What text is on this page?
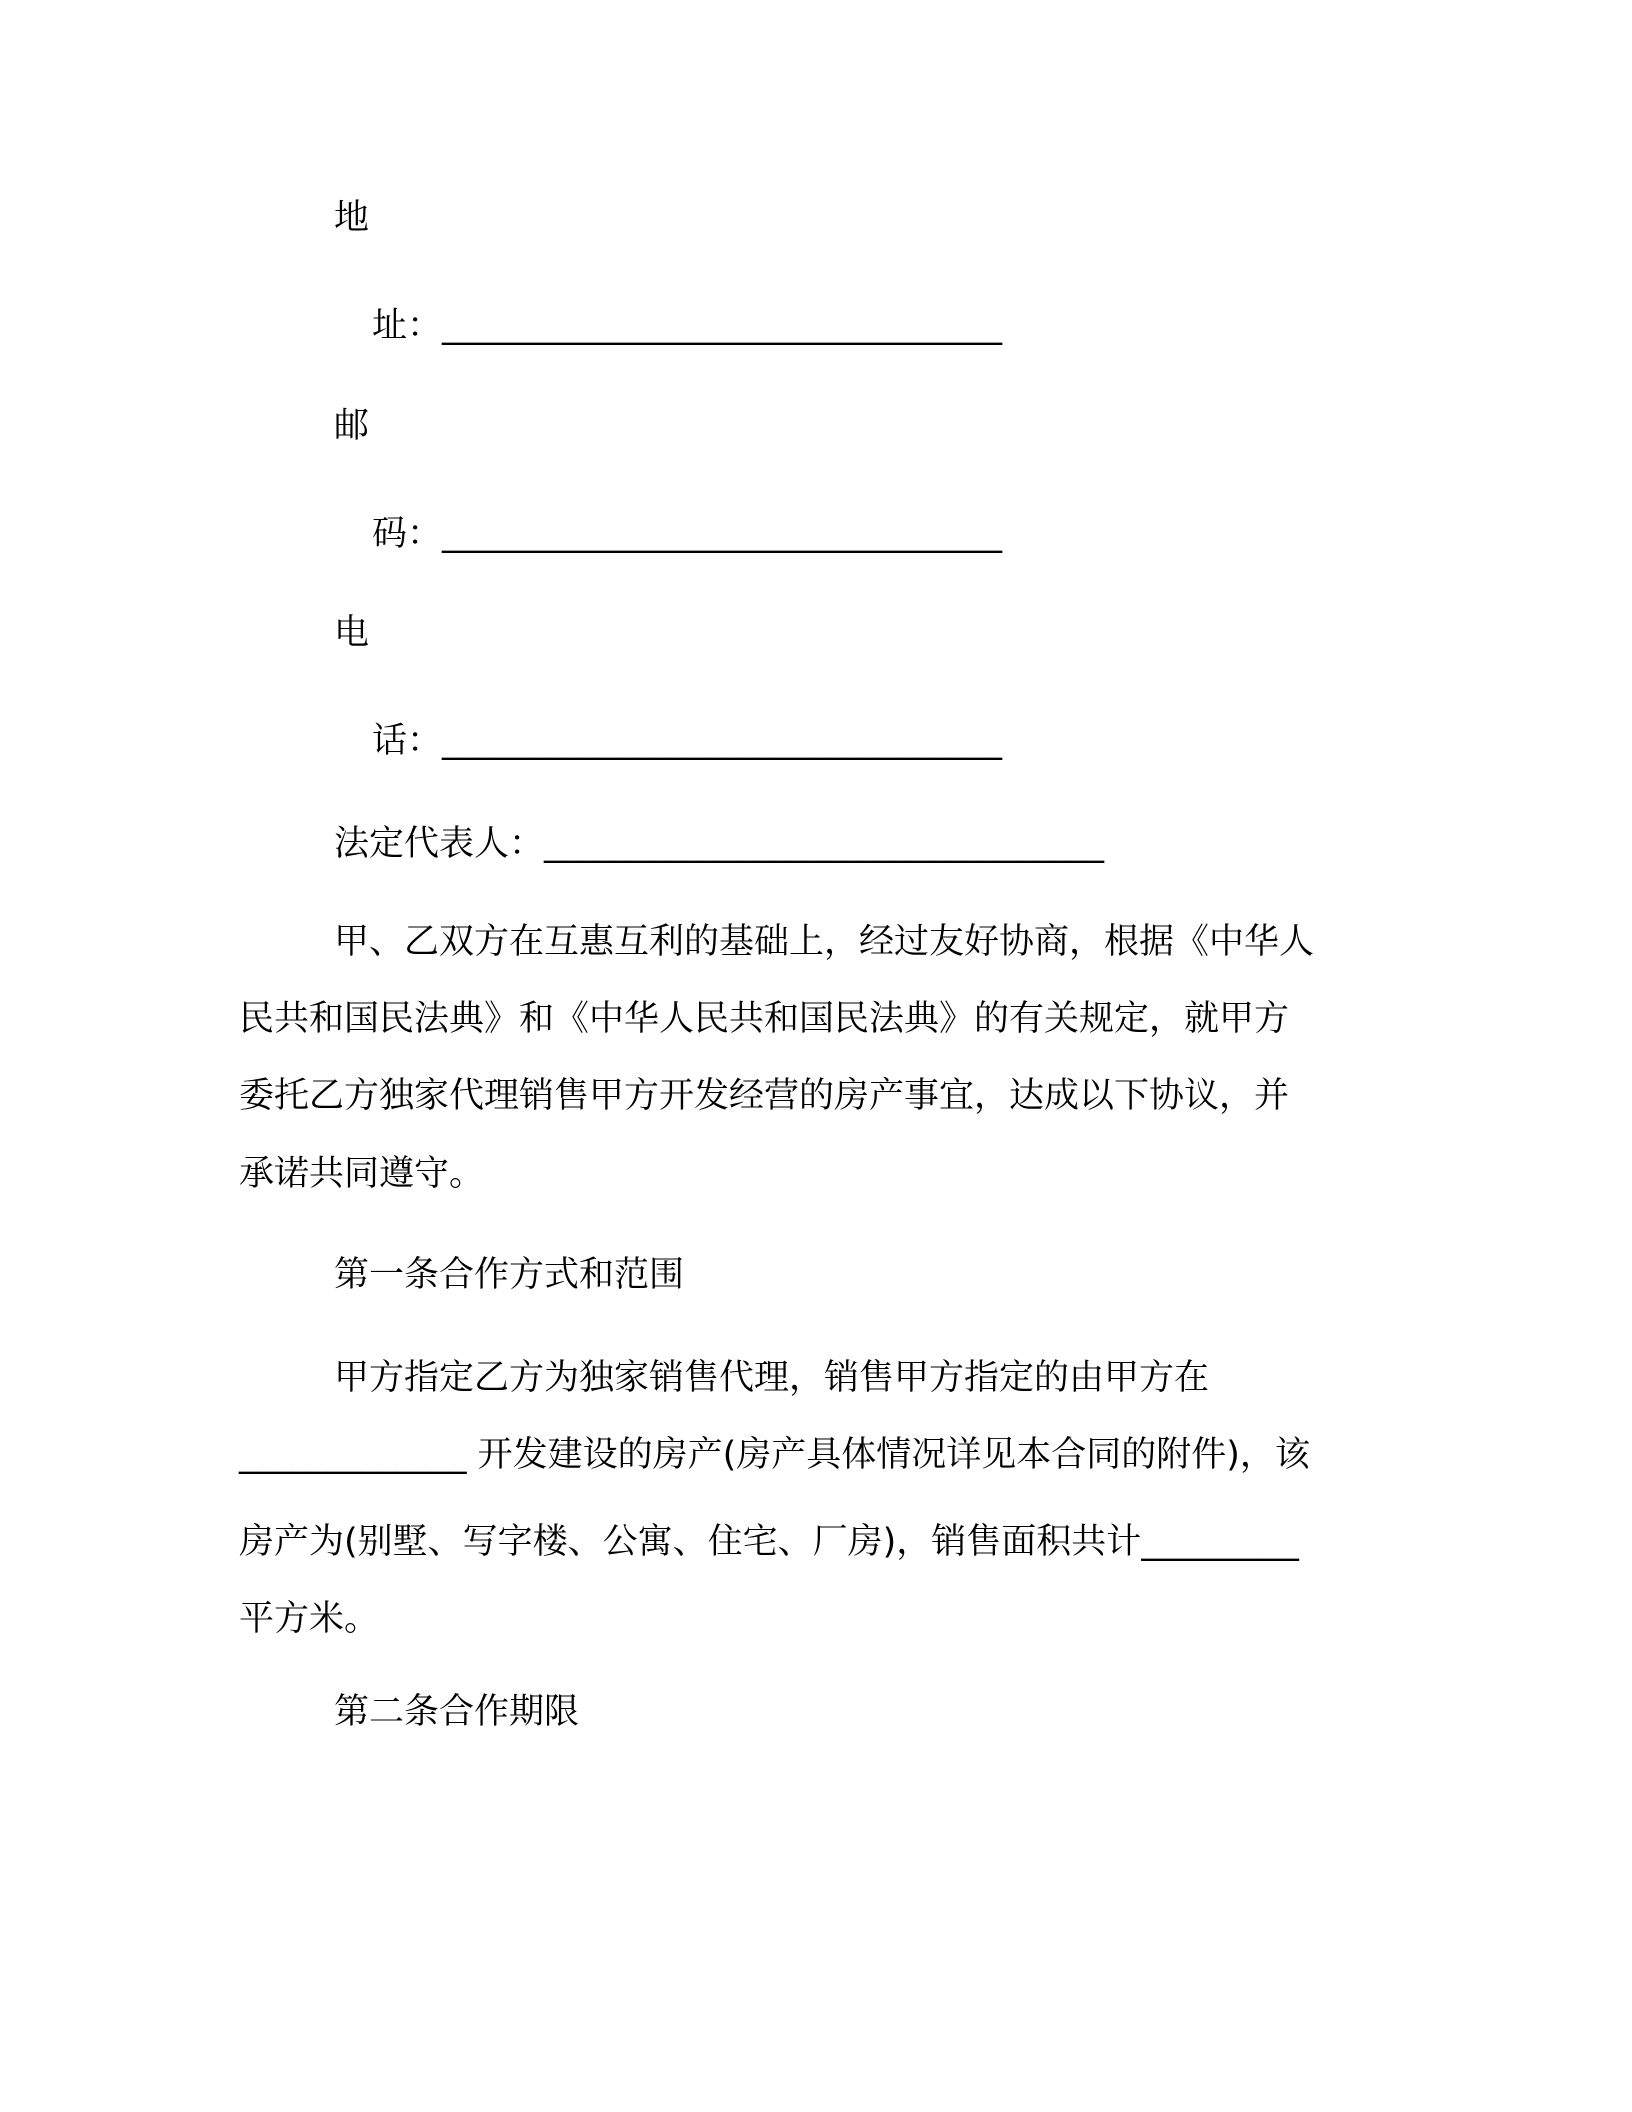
地
址：________________________________
邮
码：________________________________
电
话：________________________________
法定代表人：________________________________
甲、乙双方在互惠互利的基础上，经过友好协商，根据《中华人
民共和国民法典》和《中华人民共和国民法典》的有关规定，就甲方
委托乙方独家代理销售甲方开发经营的房产事宜，达成以下协议，并
承诺共同遵守。
第一条合作方式和范围
甲方指定乙方为独家销售代理，销售甲方指定的由甲方在
_____________ 开发建设的房产(房产具体情况详见本合同的附件)，该
房产为(别墅、写字楼、公寓、住宅、厂房)，销售面积共计_________
平方米。
第二条合作期限
